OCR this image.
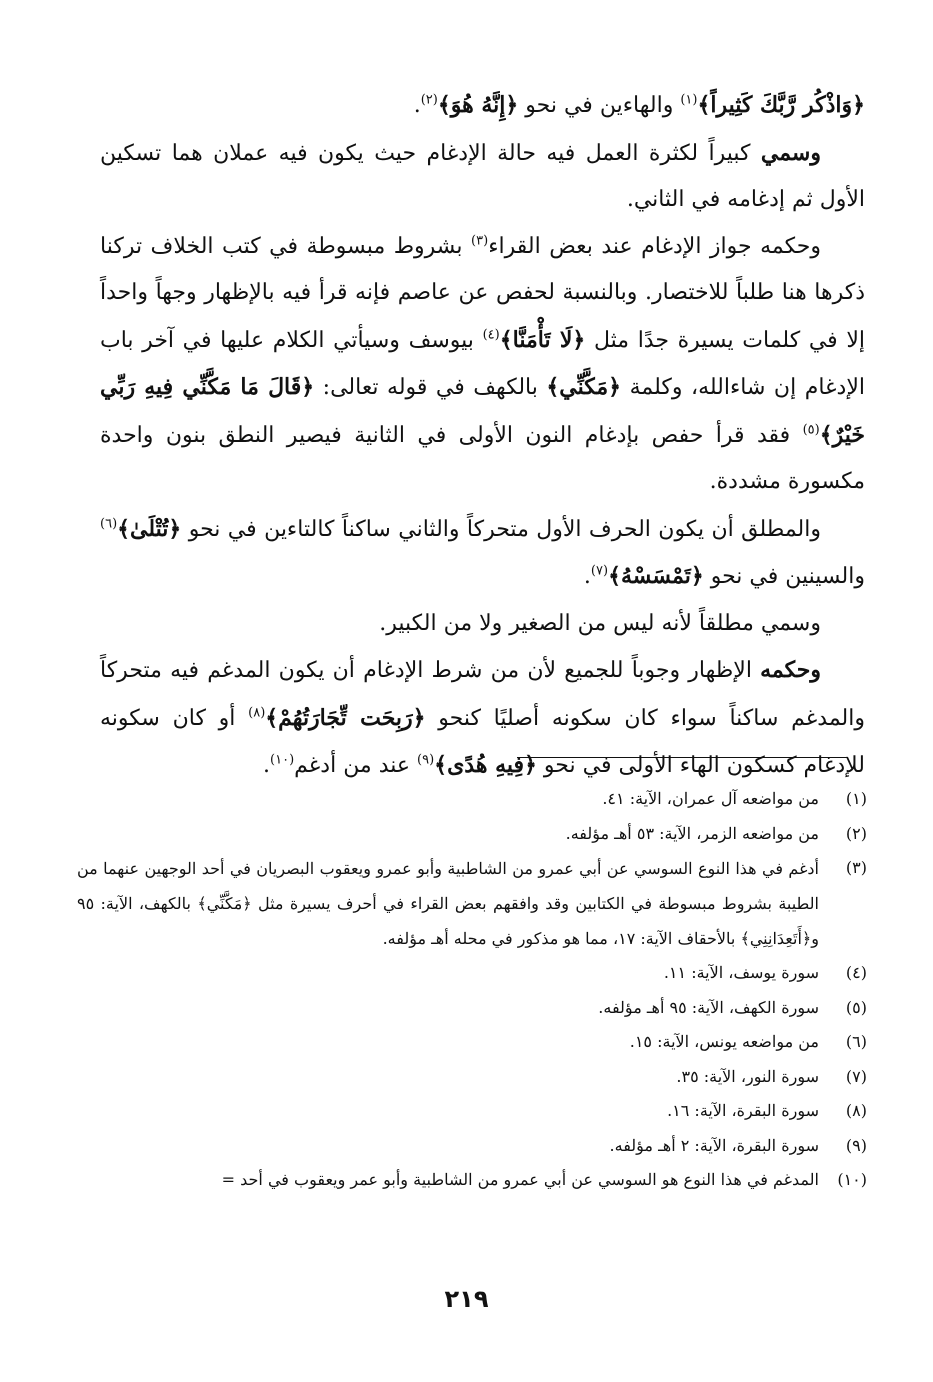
﴿وَاذْكُر رَّبَّكَ كَثِيراً﴾$^{(١)}$ والهاءين في نحو ﴿إِنَّهُ هُوَ﴾$^{(٢)}$.

وسمي كبيراً لكثرة العمل فيه حالة الإدغام حيث يكون فيه عملان هما تسكين الأول ثم إدغامه في الثاني.

وحكمه جواز الإدغام عند بعض القراء$^{(٣)}$ بشروط مبسوطة في كتب الخلاف تركنا ذكرها هنا طلباً للاختصار. وبالنسبة لحفص عن عاصم فإنه قرأ فيه بالإظهار وجهاً واحداً إلا في كلمات يسيرة جدًا مثل ﴿لَا تَأْمَنَّا﴾$^{(٤)}$ بيوسف وسيأتي الكلام عليها في آخر باب الإدغام إن شاءالله، وكلمة ﴿مَكَّنِّي﴾ بالكهف في قوله تعالى: ﴿قَالَ مَا مَكَّنِّي فِيهِ رَبِّي خَيْرٌ﴾$^{(٥)}$ فقد قرأ حفص بإدغام النون الأولى في الثانية فيصير النطق بنون واحدة مكسورة مشددة.

والمطلق أن يكون الحرف الأول متحركاً والثاني ساكناً كالتاءين في نحو ﴿تُتْلَىٰ﴾$^{(٦)}$ والسينين في نحو ﴿تَمْسَسْهُ﴾$^{(٧)}$.

وسمي مطلقاً لأنه ليس من الصغير ولا من الكبير.

وحكمه الإظهار وجوباً للجميع لأن من شرط الإدغام أن يكون المدغم فيه متحركاً والمدغم ساكناً سواء كان سكونه أصليًا كنحو ﴿رَبِحَت تِّجَارَتُهُمْ﴾$^{(٨)}$ أو كان سكونه للإدغام كسكون الهاء الأولى في نحو ﴿فِيهِ هُدًى﴾$^{(٩)}$ عند من أدغم$^{(١٠)}$.

(١)
من مواضعه آل عمران، الآية: ٤١.
(٢)
من مواضعه الزمر، الآية: ٥٣ أهـ مؤلفه.
(٣)
أدغم في هذا النوع السوسي عن أبي عمرو من الشاطبية وأبو عمرو ويعقوب البصريان في أحد الوجهين عنهما من الطيبة بشروط مبسوطة في الكتابين وقد وافقهم بعض القراء في أحرف يسيرة مثل ﴿مَكَّنِّي﴾ بالكهف، الآية: ٩٥ و﴿أَتَعِدَانِنِي﴾ بالأحقاف الآية: ١٧، مما هو مذكور في محله أهـ مؤلفه.
(٤)
سورة يوسف، الآية: ١١.
(٥)
سورة الكهف، الآية: ٩٥ أهـ مؤلفه.
(٦)
من مواضعه يونس، الآية: ١٥.
(٧)
سورة النور، الآية: ٣٥.
(٨)
سورة البقرة، الآية: ١٦.
(٩)
سورة البقرة، الآية: ٢ أهـ مؤلفه.
(١٠)
المدغم في هذا النوع هو السوسي عن أبي عمرو من الشاطبية وأبو عمر ويعقوب في أحد =
٢١٩
